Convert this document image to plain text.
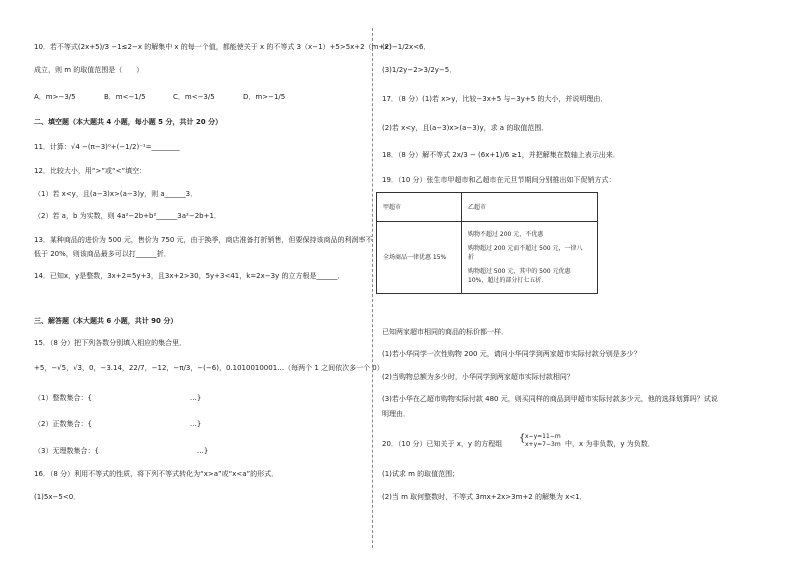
10．若不等式(2x+5)/3 −1≤2−x 的解集中 x 的每一个值，都能使关于 x 的不等式 3（x−1）+5>5x+2（m+x）
成立，则 m 的取值范围是（　　）
A．m>−3/5	B．m<−1/5	C．m<−3/5	D．m>−1/5
二、填空题（本大题共 4 小题，每小题 5 分，共计 20 分）
11．计算：√4 −(π−3)⁰+(−1/2)⁻¹=________
12．比较大小，用“>”或“<”填空：
（1）若 x<y，且(a−3)x>(a−3)y，则 a______3．
（2）若 a，b 为实数，则 4a²−2b+b²______3a²−2b+1．
13．某种商品的进价为 500 元，售价为 750 元，由于换季，商店准备打折销售，但要保持该商品的利润率不
低于 20%，则该商品最多可以打______折．
14．已知x，y是整数，3x+2=5y+3，且3x+2>30，5y+3<41，k=2x−3y 的立方根是______．
三、解答题（本大题共 6 小题，共计 90 分）
15．（8 分）把下列各数分别填入相应的集合里．
+5，−√5，√3，0，−3.14，22/7，−12，−π/3，−(−6)，0.1010010001…（每两个 1 之间依次多一个 0）
（1）整数集合：{　　　　　　　　　　　　　　…}
（2）正数集合：{　　　　　　　　　　　　　　…}
（3）无理数集合：{　　　　　　　　　　　　　　…}
16．（8 分）利用不等式的性质，将下列不等式转化为“x>a”或“x<a”的形式．
(1)5x−5<0．
(2)−1/2x<6．
(3)1/2y−2>3/2y−5．
17．（8 分）(1)若 x>y，比较−3x+5 与−3y+5 的大小，并说明理由．
(2)若 x<y，且(a−3)x>(a−3)y，求 a 的取值范围．
18．（8 分）解不等式 2x/3 − (6x+1)/6 ≥1，并把解集在数轴上表示出来．
19．（10 分）张生市甲超市和乙超市在元旦节期间分别推出如下促销方式：
甲超市	乙超市
全场商品一律优惠 15%	购物不超过 200 元，不优惠
购物超过 200 元而不超过 500 元，一律八
折
购物超过 500 元，其中的 500 元优惠
10%，超过的部分打七五折．
已知两家超市相同的商品的标价都一样．
(1)若小华同学一次性购物 200 元，请问小华同学到两家超市实际付款分别是多少？
(2)当购物总额为多少时，小华同学到两家超市实际付款相同？
(3)若小华在乙超市购物实际付款 480 元，则买同样的商品到甲超市实际付款多少元，他的选择划算吗？试说
明理由．
20．（10 分）已知关于 x，y 的方程组 { x−y=11−m
x+y=7−3m 中，x 为非负数，y 为负数．
(1)试求 m 的取值范围；
(2)当 m 取何整数时，不等式 3mx+2x>3m+2 的解集为 x<1．
